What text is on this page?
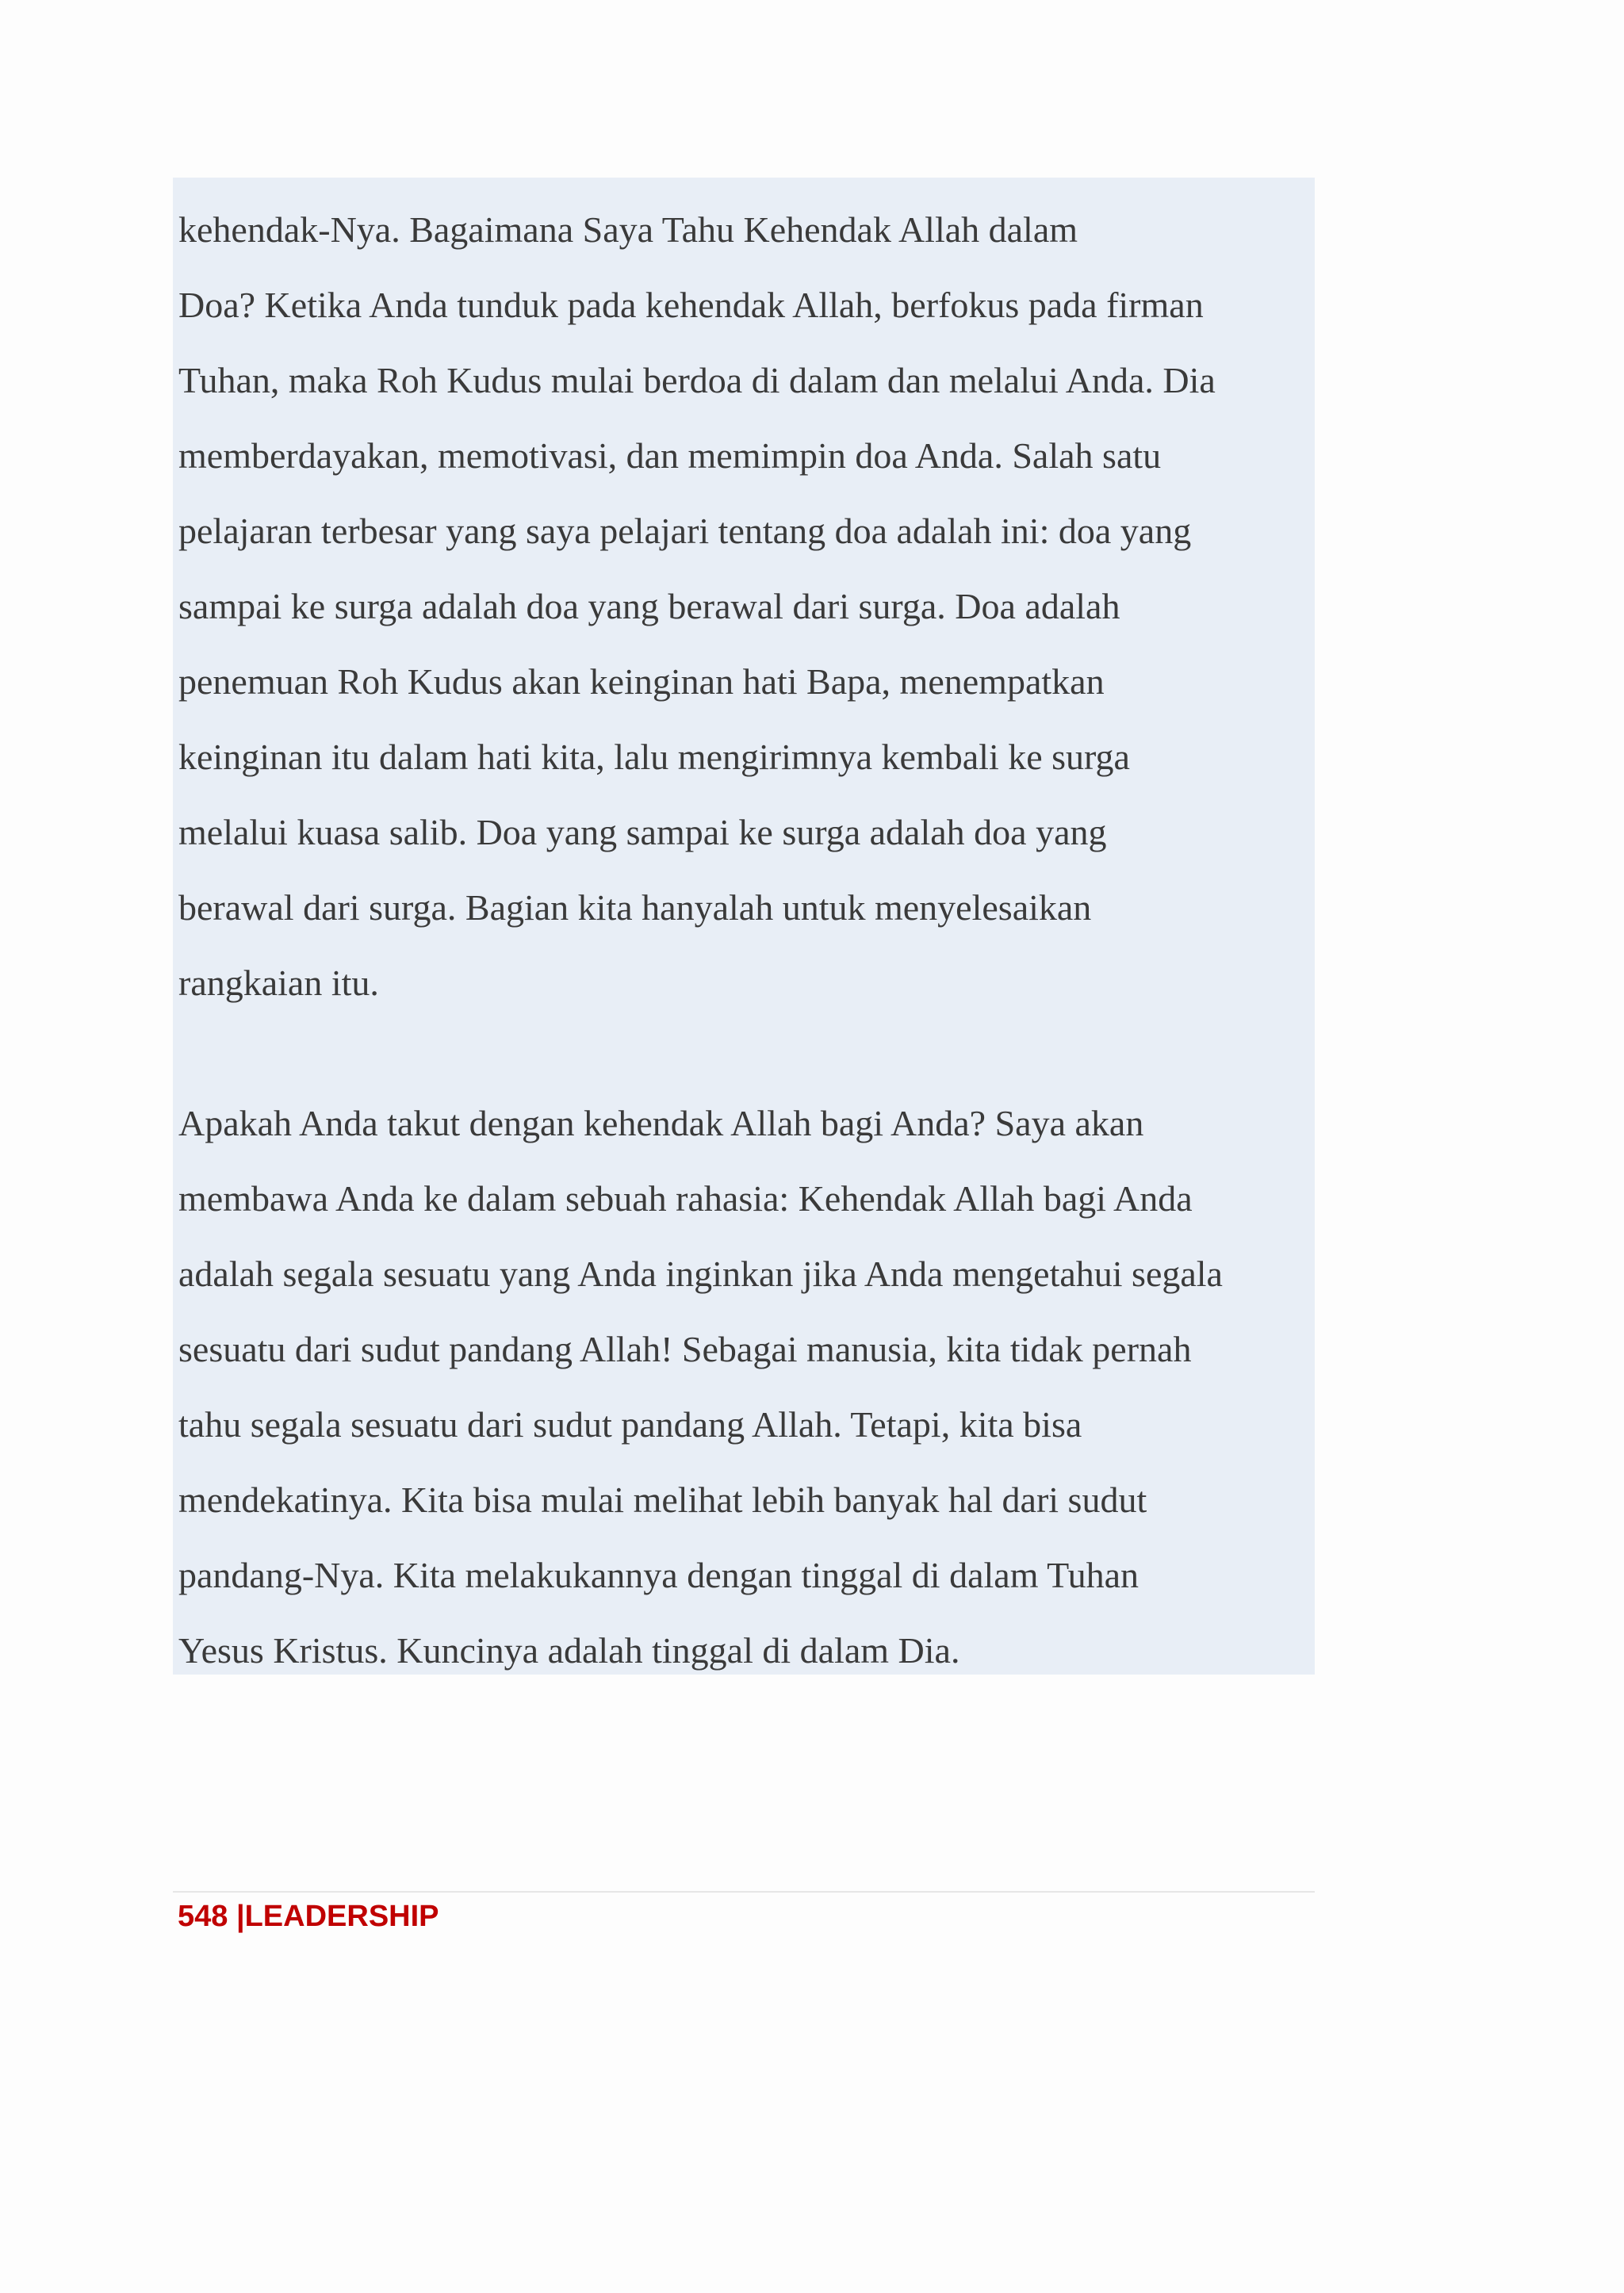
kehendak-Nya. Bagaimana Saya Tahu Kehendak Allah dalam
Doa? Ketika Anda tunduk pada kehendak Allah, berfokus pada firman
Tuhan, maka Roh Kudus mulai berdoa di dalam dan melalui Anda. Dia
memberdayakan, memotivasi, dan memimpin doa Anda. Salah satu
pelajaran terbesar yang saya pelajari tentang doa adalah ini: doa yang
sampai ke surga adalah doa yang berawal dari surga. Doa adalah
penemuan Roh Kudus akan keinginan hati Bapa, menempatkan
keinginan itu dalam hati kita, lalu mengirimnya kembali ke surga
melalui kuasa salib. Doa yang sampai ke surga adalah doa yang
berawal dari surga. Bagian kita hanyalah untuk menyelesaikan
rangkaian itu.
Apakah Anda takut dengan kehendak Allah bagi Anda? Saya akan
membawa Anda ke dalam sebuah rahasia: Kehendak Allah bagi Anda
adalah segala sesuatu yang Anda inginkan jika Anda mengetahui segala
sesuatu dari sudut pandang Allah! Sebagai manusia, kita tidak pernah
tahu segala sesuatu dari sudut pandang Allah. Tetapi, kita bisa
mendekatinya. Kita bisa mulai melihat lebih banyak hal dari sudut
pandang-Nya. Kita melakukannya dengan tinggal di dalam Tuhan
Yesus Kristus. Kuncinya adalah tinggal di dalam Dia.
548 |LEADERSHIP
